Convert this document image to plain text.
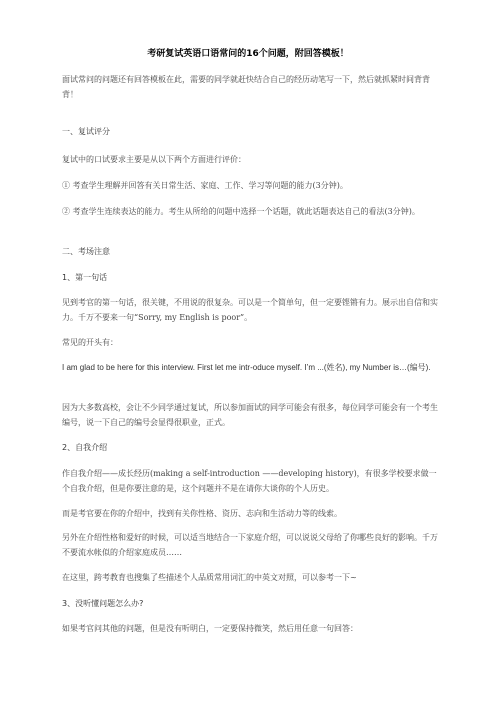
考研复试英语口语常问的16个问题，附回答模板！
面试常问的问题还有回答模板在此，需要的同学就赶快结合自己的经历动笔写一下，然后就抓紧时间背背背！
一、复试评分
复试中的口试要求主要是从以下两个方面进行评价：
① 考查学生理解并回答有关日常生活、家庭、工作、学习等问题的能力(3分钟)。
② 考查学生连续表达的能力。考生从所给的问题中选择一个话题，就此话题表达自己的看法(3分钟)。
二、考场注意
1、第一句话
见到考官的第一句话，很关键，不用说的很复杂。可以是一个简单句，但一定要铿锵有力。展示出自信和实力。千万不要来一句“Sorry, my English is poor”。
常见的开头有：
I am glad to be here for this interview. First let me intr-oduce myself. I’m ...(姓名), my Number is…(编号).
因为大多数高校，会让不少同学通过复试，所以参加面试的同学可能会有很多，每位同学可能会有一个考生编号，说一下自己的编号会显得很职业，正式。
2、自我介绍
作自我介绍——成长经历(making a self-introduction ——developing history)，有很多学校要求做一个自我介绍，但是你要注意的是，这个问题并不是在请你大谈你的个人历史。
而是考官要在你的介绍中，找到有关你性格、资历、志向和生活动力等的线索。
另外在介绍性格和爱好的时候，可以适当地结合一下家庭介绍，可以说说父母给了你哪些良好的影响。千万不要流水帐似的介绍家庭成员……
在这里，跨考教育也搜集了些描述个人品质常用词汇的中英文对照，可以参考一下~
3、没听懂问题怎么办?
如果考官问其他的问题，但是没有听明白，一定要保持微笑，然后用任意一句回答：
